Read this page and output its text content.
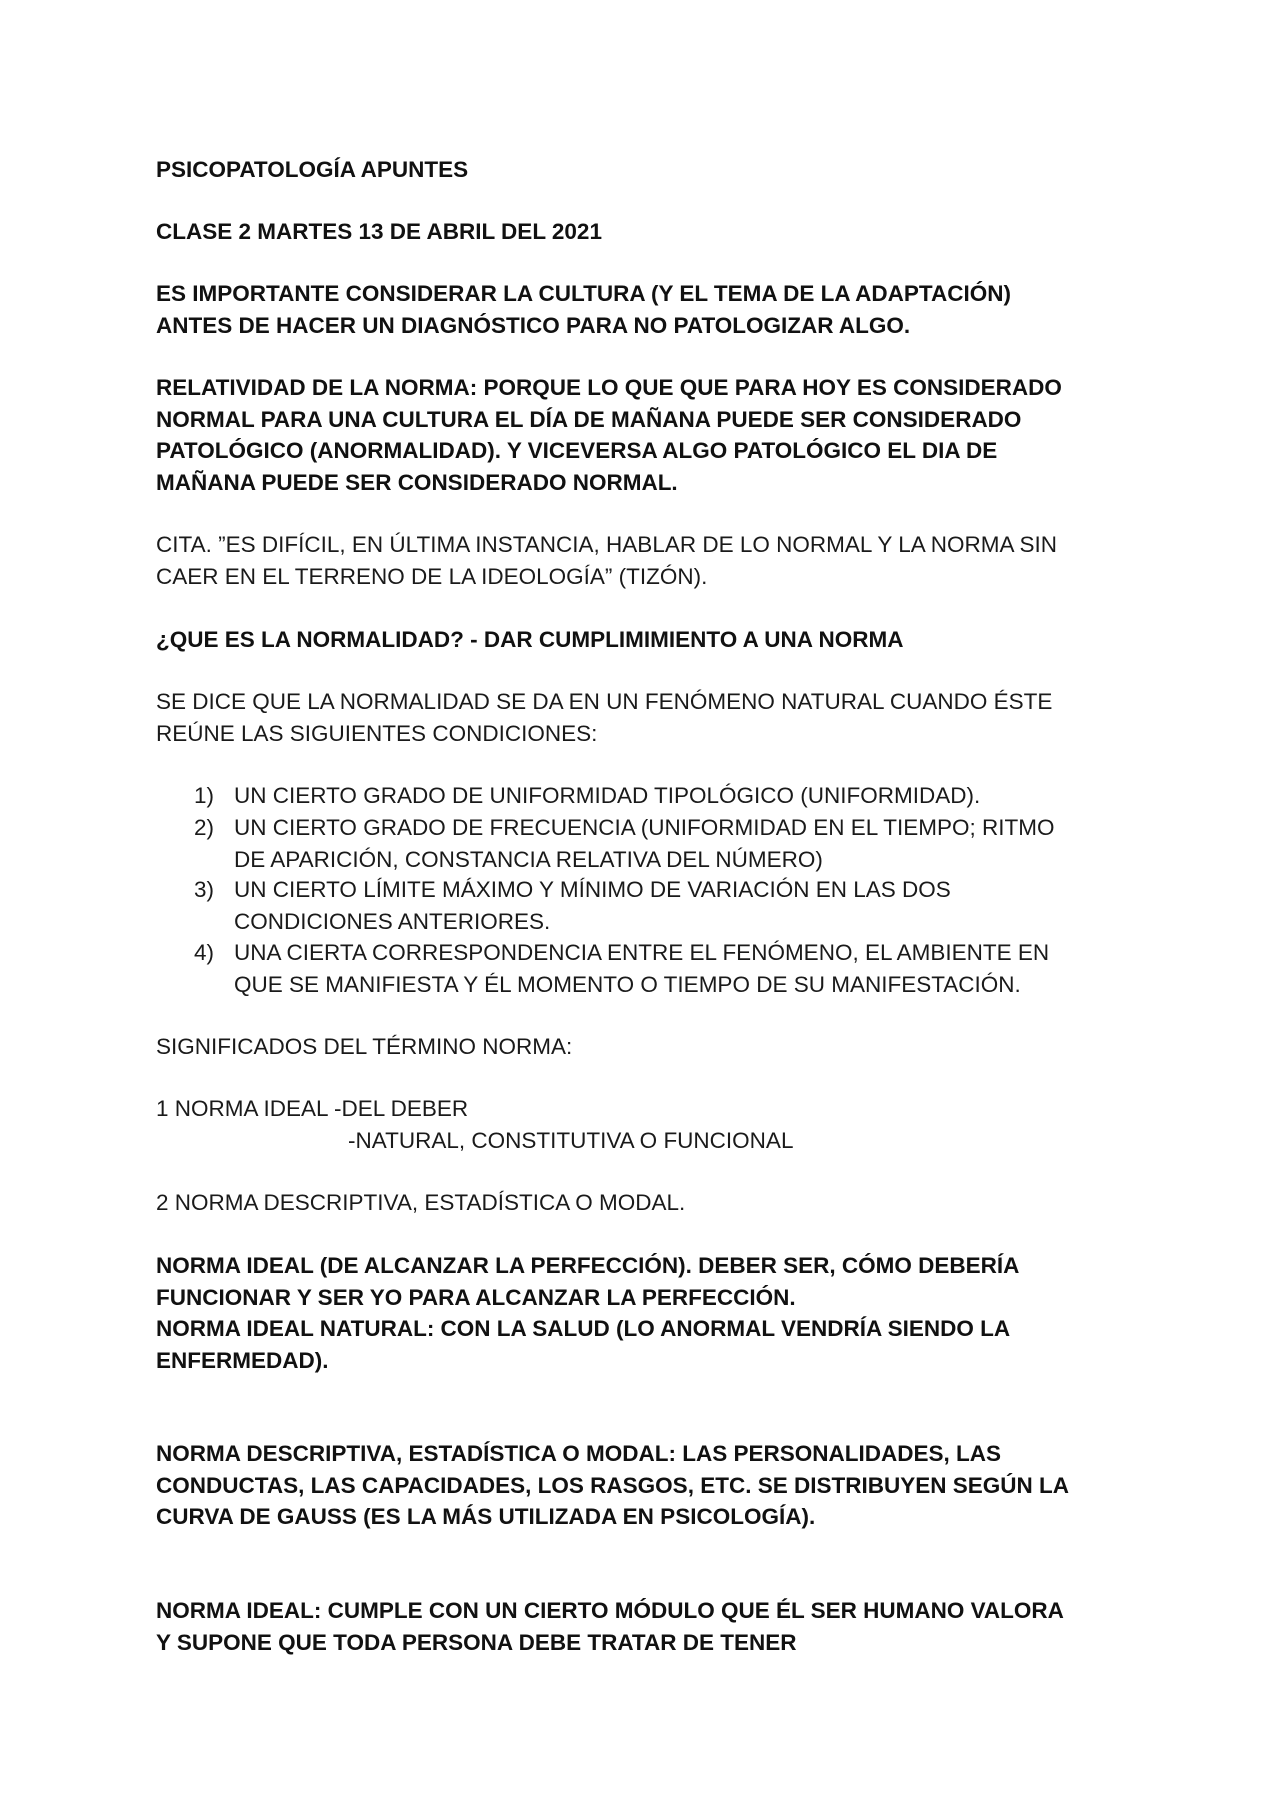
PSICOPATOLOGÍA APUNTES

CLASE 2 MARTES 13 DE ABRIL DEL 2021

ES IMPORTANTE CONSIDERAR LA CULTURA (Y EL TEMA DE LA ADAPTACIÓN)
ANTES DE HACER UN DIAGNÓSTICO PARA NO PATOLOGIZAR ALGO.

RELATIVIDAD DE LA NORMA: PORQUE LO QUE QUE PARA HOY ES CONSIDERADO
NORMAL PARA UNA CULTURA EL DÍA DE MAÑANA PUEDE SER CONSIDERADO
PATOLÓGICO (ANORMALIDAD). Y VICEVERSA ALGO PATOLÓGICO EL DIA DE
MAÑANA PUEDE SER CONSIDERADO NORMAL.

CITA. ”ES DIFÍCIL, EN ÚLTIMA INSTANCIA, HABLAR DE LO NORMAL Y LA NORMA SIN
CAER EN EL TERRENO DE LA IDEOLOGÍA” (TIZÓN).

¿QUE ES LA NORMALIDAD? - DAR CUMPLIMIMIENTO A UNA NORMA

SE DICE QUE LA NORMALIDAD SE DA EN UN FENÓMENO NATURAL CUANDO ÉSTE
REÚNE LAS SIGUIENTES CONDICIONES:

1) UN CIERTO GRADO DE UNIFORMIDAD TIPOLÓGICO (UNIFORMIDAD).
2) UN CIERTO GRADO DE FRECUENCIA (UNIFORMIDAD EN EL TIEMPO; RITMO
DE APARICIÓN, CONSTANCIA RELATIVA DEL NÚMERO)
3) UN CIERTO LÍMITE MÁXIMO Y MÍNIMO DE VARIACIÓN EN LAS DOS
CONDICIONES ANTERIORES.
4) UNA CIERTA CORRESPONDENCIA ENTRE EL FENÓMENO, EL AMBIENTE EN
QUE SE MANIFIESTA Y ÉL MOMENTO O TIEMPO DE SU MANIFESTACIÓN.

SIGNIFICADOS DEL TÉRMINO NORMA:

1 NORMA IDEAL -DEL DEBER

-NATURAL, CONSTITUTIVA O FUNCIONAL

2 NORMA DESCRIPTIVA, ESTADÍSTICA O MODAL.

NORMA IDEAL (DE ALCANZAR LA PERFECCIÓN). DEBER SER, CÓMO DEBERÍA
FUNCIONAR Y SER YO PARA ALCANZAR LA PERFECCIÓN.
NORMA IDEAL NATURAL: CON LA SALUD (LO ANORMAL VENDRÍA SIENDO LA
ENFERMEDAD).

NORMA DESCRIPTIVA, ESTADÍSTICA O MODAL: LAS PERSONALIDADES, LAS
CONDUCTAS, LAS CAPACIDADES, LOS RASGOS, ETC. SE DISTRIBUYEN SEGÚN LA
CURVA DE GAUSS (ES LA MÁS UTILIZADA EN PSICOLOGÍA).

NORMA IDEAL: CUMPLE CON UN CIERTO MÓDULO QUE ÉL SER HUMANO VALORA
Y SUPONE QUE TODA PERSONA DEBE TRATAR DE TENER
